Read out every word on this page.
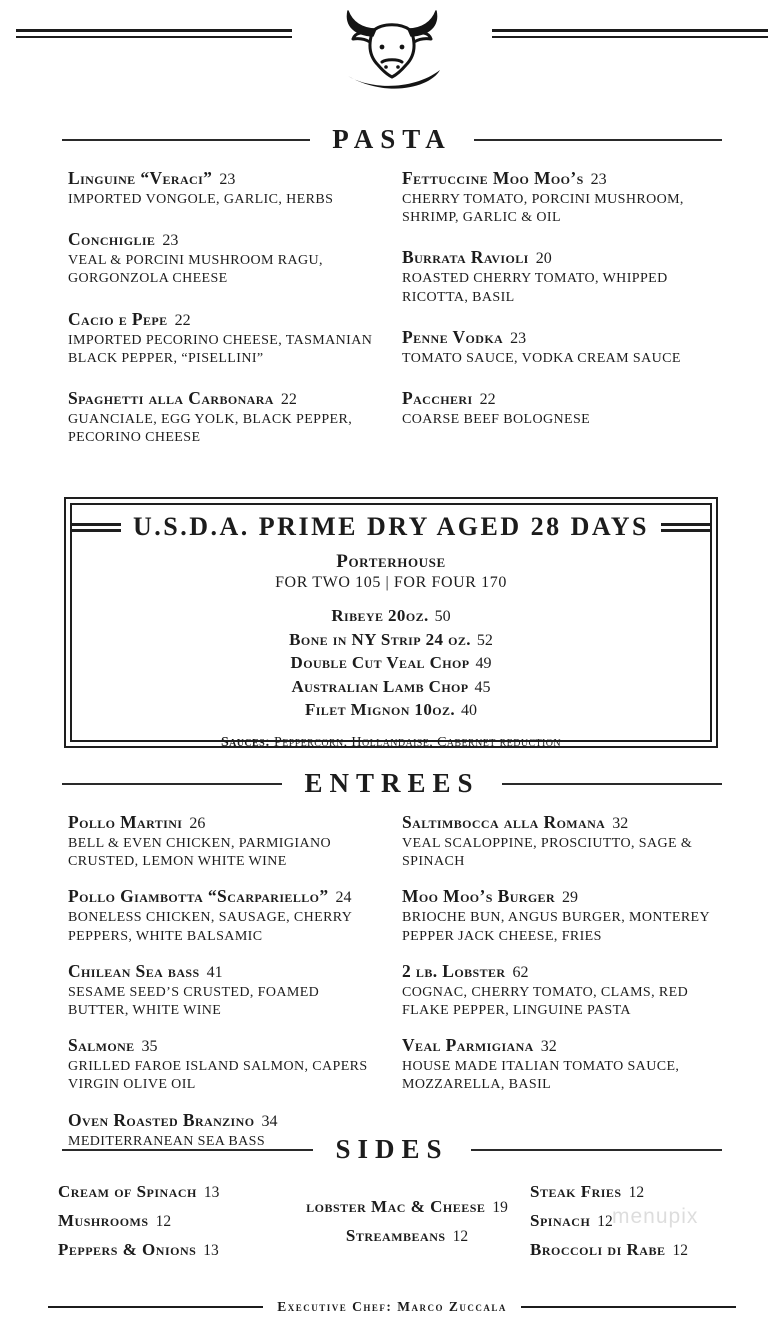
PASTA
Linguine “Veraci” 23
IMPORTED VONGOLE, GARLIC, HERBS
Conchiglie 23
VEAL & PORCINI MUSHROOM RAGU, GORGONZOLA CHEESE
Cacio e Pepe 22
IMPORTED PECORINO CHEESE, TASMANIAN BLACK PEPPER, “PISELLINI”
Spaghetti alla Carbonara 22
GUANCIALE, EGG YOLK, BLACK PEPPER, PECORINO CHEESE
Fettuccine Moo Moo’s 23
CHERRY TOMATO, PORCINI MUSHROOM, SHRIMP, GARLIC & OIL
Burrata Ravioli 20
ROASTED CHERRY TOMATO, WHIPPED RICOTTA, BASIL
Penne Vodka 23
TOMATO SAUCE, VODKA CREAM SAUCE
Paccheri 22
COARSE BEEF BOLOGNESE
U.S.D.A. PRIME DRY AGED 28 DAYS
Porterhouse
FOR TWO 105 | FOR FOUR 170
Ribeye 20oz. 50
Bone in NY Strip 24 oz. 52
Double Cut Veal Chop 49
Australian Lamb Chop 45
Filet Mignon 10oz. 40
Sauces: Peppercorn, Hollandaise, Cabernet reduction
ENTREES
Pollo Martini 26
BELL & EVEN CHICKEN, PARMIGIANO CRUSTED, LEMON WHITE WINE
Pollo Giambotta “Scarpariello” 24
BONELESS CHICKEN, SAUSAGE, CHERRY PEPPERS, WHITE BALSAMIC
Chilean Sea bass 41
SESAME SEED’S CRUSTED, FOAMED BUTTER, WHITE WINE
Salmone 35
GRILLED FAROE ISLAND SALMON, CAPERS VIRGIN OLIVE OIL
Oven Roasted Branzino 34
MEDITERRANEAN SEA BASS
Saltimbocca alla Romana 32
VEAL SCALOPPINE, PROSCIUTTO, SAGE & SPINACH
Moo Moo’s Burger 29
BRIOCHE BUN, ANGUS BURGER, MONTEREY PEPPER JACK CHEESE, FRIES
2 lb. Lobster 62
COGNAC, CHERRY TOMATO, CLAMS, RED FLAKE PEPPER, LINGUINE PASTA
Veal Parmigiana 32
HOUSE MADE ITALIAN TOMATO SAUCE, MOZZARELLA, BASIL
SIDES
Cream of Spinach 13
Mushrooms 12
Peppers & Onions 13
lobster Mac & Cheese 19
Streambeans 12
Steak Fries 12
Spinach 12
Broccoli di Rabe 12
menupix
Executive Chef: Marco Zuccala
